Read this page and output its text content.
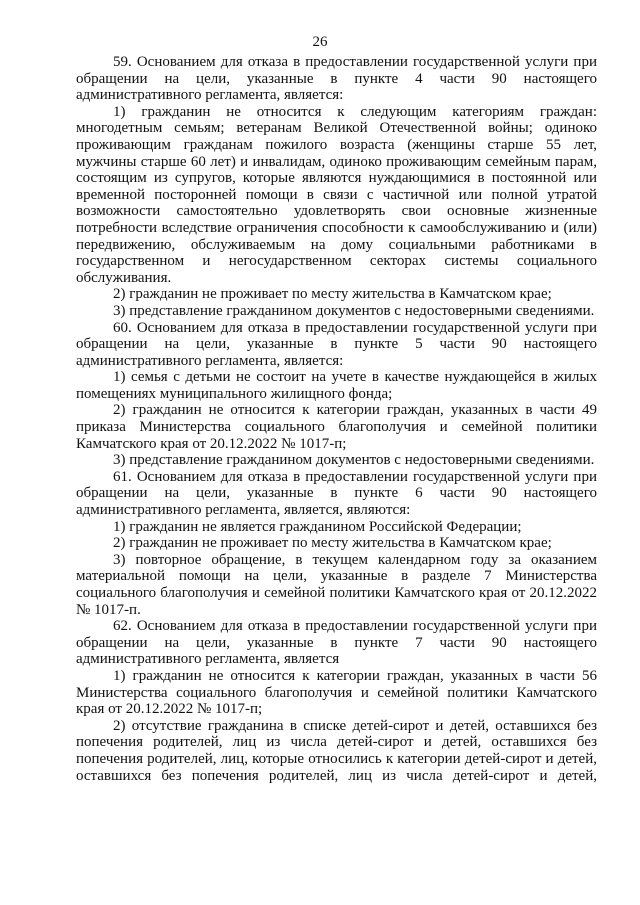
26

59. Основанием для отказа в предоставлении государственной услуги при обращении на цели, указанные в пункте 4 части 90 настоящего административного регламента, является:

1) гражданин не относится к следующим категориям граждан: многодетным семьям; ветеранам Великой Отечественной войны; одиноко проживающим гражданам пожилого возраста (женщины старше 55 лет, мужчины старше 60 лет) и инвалидам, одиноко проживающим семейным парам, состоящим из супругов, которые являются нуждающимися в постоянной или временной посторонней помощи в связи с частичной или полной утратой возможности самостоятельно удовлетворять свои основные жизненные потребности вследствие ограничения способности к самообслуживанию и (или) передвижению, обслуживаемым на дому социальными работниками в государственном и негосударственном секторах системы социального обслуживания.

2) гражданин не проживает по месту жительства в Камчатском крае;

3) представление гражданином документов с недостоверными сведениями.

60. Основанием для отказа в предоставлении государственной услуги при обращении на цели, указанные в пункте 5 части 90 настоящего административного регламента, является:

1) семья с детьми не состоит на учете в качестве нуждающейся в жилых помещениях муниципального жилищного фонда;

2) гражданин не относится к категории граждан, указанных в части 49 приказа Министерства социального благополучия и семейной политики Камчатского края от 20.12.2022 № 1017-п;

3) представление гражданином документов с недостоверными сведениями.

61. Основанием для отказа в предоставлении государственной услуги при обращении на цели, указанные в пункте 6 части 90 настоящего административного регламента, является, являются:

1) гражданин не является гражданином Российской Федерации;

2) гражданин не проживает по месту жительства в Камчатском крае;

3) повторное обращение, в текущем календарном году за оказанием материальной помощи на цели, указанные в разделе 7 Министерства социального благополучия и семейной политики Камчатского края от 20.12.2022 № 1017-п.

62. Основанием для отказа в предоставлении государственной услуги при обращении на цели, указанные в пункте 7 части 90 настоящего административного регламента, является

1) гражданин не относится к категории граждан, указанных в части 56 Министерства социального благополучия и семейной политики Камчатского края от 20.12.2022 № 1017-п;

2) отсутствие гражданина в списке детей-сирот и детей, оставшихся без попечения родителей, лиц из числа детей-сирот и детей, оставшихся без попечения родителей, лиц, которые относились к категории детей-сирот и детей, оставшихся без попечения родителей, лиц из числа детей-сирот и детей,
